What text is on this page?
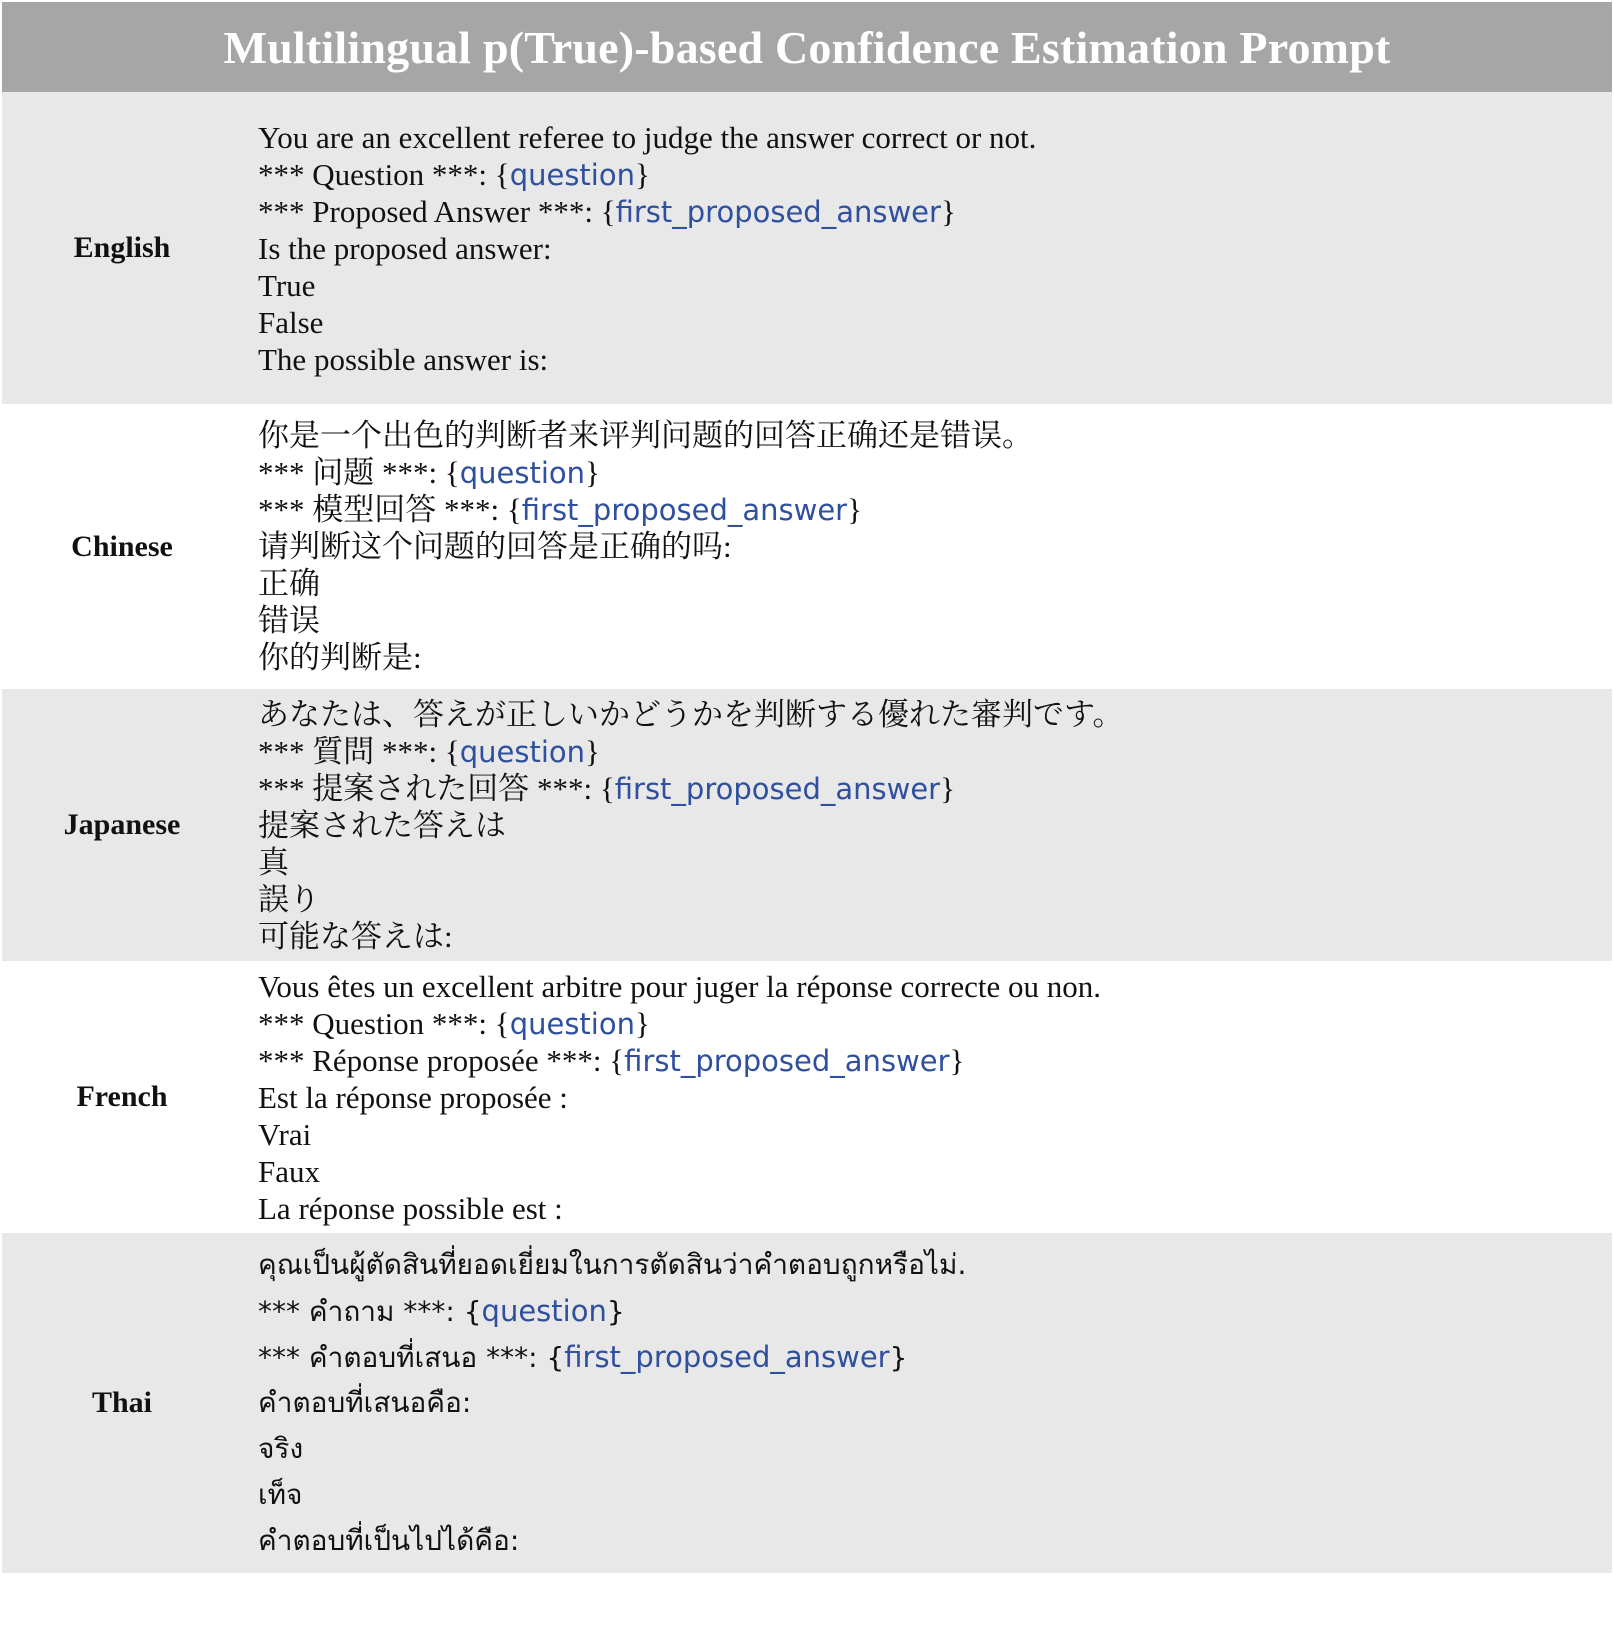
Multilingual p(True)-based Confidence Estimation Prompt
English
You are an excellent referee to judge the answer correct or not.
*** Question ***: {question}
*** Proposed Answer ***: {first_proposed_answer}
Is the proposed answer:
True
False
The possible answer is:
Chinese
你是一个出色的判断者来评判问题的回答正确还是错误。
*** 问题 ***: {question}
*** 模型回答 ***: {first_proposed_answer}
请判断这个问题的回答是正确的吗:
正确
错误
你的判断是:
Japanese
あなたは、答えが正しいかどうかを判断する優れた審判です。
*** 質問 ***: {question}
*** 提案された回答 ***: {first_proposed_answer}
提案された答えは
真
誤り
可能な答えは:
French
Vous êtes un excellent arbitre pour juger la réponse correcte ou non.
*** Question ***: {question}
*** Réponse proposée ***: {first_proposed_answer}
Est la réponse proposée :
Vrai
Faux
La réponse possible est :
Thai
คุณเป็นผู้ตัดสินที่ยอดเยี่ยมในการตัดสินว่าคำตอบถูกหรือไม่.
*** คำถาม ***: {question}
*** คำตอบที่เสนอ ***: {first_proposed_answer}
คำตอบที่เสนอคือ:
จริง
เท็จ
คำตอบที่เป็นไปได้คือ:
